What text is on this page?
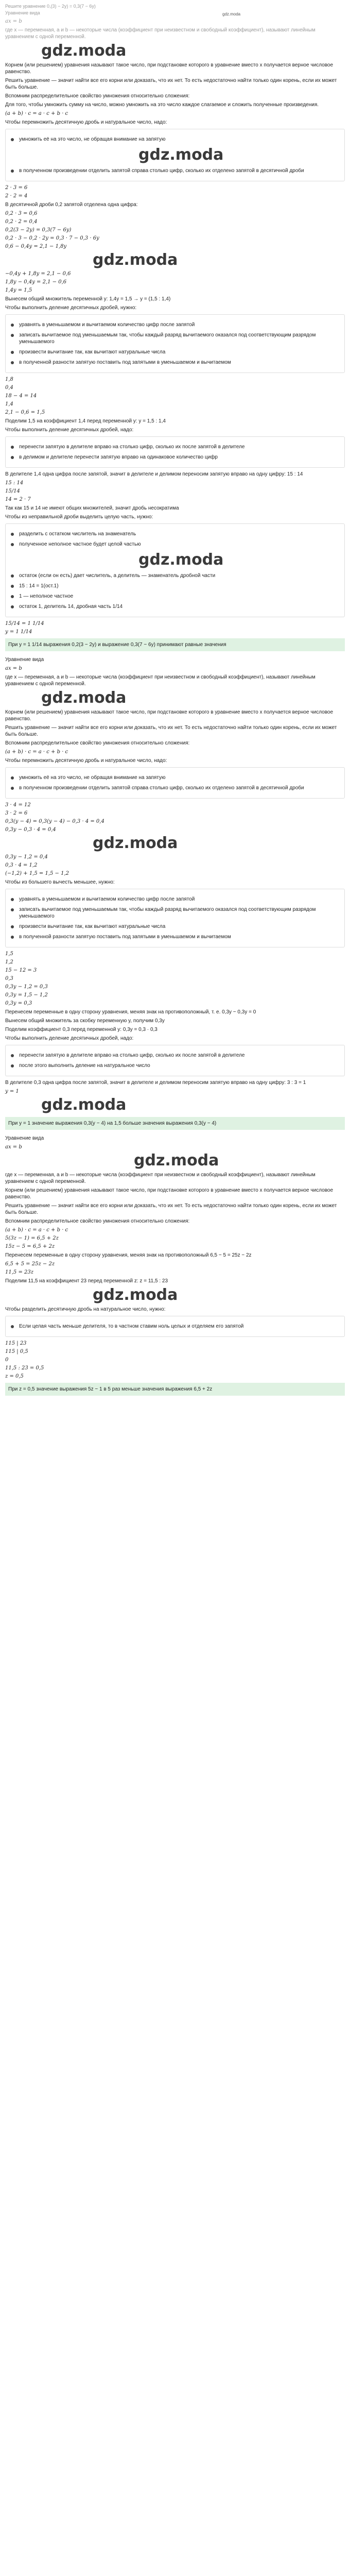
Решите уравнение 0,(3) − 2y) = 0,3(7 − 6y)
Уравнение вида
ax = b
gdz.moda

где x — переменная, a и b — некоторые числа (коэффициент при неизвестном и свободный коэффициент), называют линейным уравнением с одной переменной.

gdz.moda

Корнем (или решением) уравнения называют такое число, при подстановке которого в уравнение вместо x получается верное числовое равенство.

Решить уравнение — значит найти все его корни или доказать, что их нет. То есть недостаточно найти только один корень, если их может быть больше.

Вспомним распределительное свойство умножения относительно сложения:

Для того, чтобы умножить сумму на число, можно умножить на это число каждое слагаемое и сложить полученные произведения.

(a + b) · c = a · c + b · c

Чтобы перемножить десятичную дробь и натуральное число, надо:

умножить её на это число, не обращая внимание на запятую
gdz.moda
в полученном произведении отделить запятой справа столько цифр, сколько их отделено запятой в десятичной дроби
2 · 3 = 6
2 · 2 = 4

В десятичной дроби 0,2 запятой отделена одна цифра:

0,2 · 3 = 0,6
0,2 · 2 = 0,4
0,2(3 − 2y) = 0,3(7 − 6y)
0,2 · 3 − 0,2 · 2y = 0,3 · 7 − 0,3 · 6y
0,6 − 0,4y = 2,1 − 1,8y
gdz.moda
−0,4y + 1,8y = 2,1 − 0,6
1,8y − 0,4y = 2,1 − 0,6
1,4y = 1,5

Вынесем общий множитель переменной y: 1,4y = 1,5 → y = (1,5 : 1,4)

Чтобы выполнить деление десятичных дробей, нужно:

уравнять в уменьшаемом и вычитаемом количество цифр после запятой
записать вычитаемое под уменьшаемым так, чтобы каждый разряд вычитаемого оказался под соответствующим разрядом уменьшаемого
произвести вычитание так, как вычитают натуральные числа
в полученной разности запятую поставить под запятыми в уменьшаемом и вычитаемом
1,8
0,4
18 − 4 = 14
1,4
2,1 − 0,6 = 1,5

Поделим 1,5 на коэффициент 1,4 перед переменной y: y = 1,5 : 1,4

Чтобы выполнить деление десятичных дробей, надо:

перенести запятую в делителе вправо на столько цифр, сколько их после запятой в делителе
в делимом и делителе перенести запятую вправо на одинаковое количество цифр

В делителе 1,4 одна цифра после запятой, значит в делителе и делимом переносим запятую вправо на одну цифру: 15 : 14

15 : 14
15/14
14 = 2 · 7

Так как 15 и 14 не имеют общих множителей, значит дробь несократима

Чтобы из неправильной дроби выделить целую часть, нужно:

разделить с остатком числитель на знаменатель
полученное неполное частное будет целой частью
gdz.moda
остаток (если он есть) дает числитель, а делитель — знаменатель дробной части
15 : 14 = 1(ост.1)
1 — неполное частное
остаток 1, делитель 14, дробная часть 1/14
15/14 = 1 1/14
y = 1 1/14
При y = 1 1/14 выражения 0,2(3 − 2y) и выражение 0,3(7 − 6y) принимают равные значения

Уравнение вида

ax = b

где x — переменная, a и b — некоторые числа (коэффициент при неизвестном и свободный коэффициент), называют линейным уравнением с одной переменной.

gdz.moda

Корнем (или решением) уравнения называют такое число, при подстановке которого в уравнение вместо x получается верное числовое равенство.

Решить уравнение — значит найти все его корни или доказать, что их нет. То есть недостаточно найти только один корень, если их может быть больше.

Вспомним распределительное свойство умножения относительно сложения:

(a + b) · c = a · c + b · c

Чтобы перемножить десятичную дробь и натуральное число, надо:

умножить её на это число, не обращая внимание на запятую
в полученном произведении отделить запятой справа столько цифр, сколько их отделено запятой в десятичной дроби
3 · 4 = 12
3 · 2 = 6
0,3(y − 4) = 0,3(y − 4) − 0,3 · 4 = 0,4
0,3y − 0,3 · 4 = 0,4
gdz.moda
0,3y − 1,2 = 0,4
0,3 · 4 = 1,2
(−1,2) + 1,5 = 1,5 − 1,2

Чтобы из большего вычесть меньшее, нужно:

уравнять в уменьшаемом и вычитаемом количество цифр после запятой
записать вычитаемое под уменьшаемым так, чтобы каждый разряд вычитаемого оказался под соответствующим разрядом уменьшаемого
произвести вычитание так, как вычитают натуральные числа
в полученной разности запятую поставить под запятыми в уменьшаемом и вычитаемом
1,5
1,2
15 − 12 = 3
0,3
0,3y − 1,2 = 0,3
0,3y = 1,5 − 1,2
0,3y = 0,3

Перенесем переменные в одну сторону уравнения, меняя знак на противоположный, т. е. 0,3y − 0,3y = 0

Вынесем общий множитель за скобку переменную y, получим 0,3y

Поделим коэффициент 0,3 перед переменной y: 0,3y = 0,3 · 0,3

Чтобы выполнить деление десятичных дробей, надо:

перенести запятую в делителе вправо на столько цифр, сколько их после запятой в делителе
после этого выполнить деление на натуральное число

В делителе 0,3 одна цифра после запятой, значит в делителе и делимом переносим запятую вправо на одну цифру: 3 : 3 = 1

y = 1
gdz.moda
При y = 1 значение выражения 0,3(y − 4) на 1,5 больше значения выражения 0,3(y − 4)

Уравнение вида

ax = b
gdz.moda

где x — переменная, a и b — некоторые числа (коэффициент при неизвестном и свободный коэффициент), называют линейным уравнением с одной переменной.

Корнем (или решением) уравнения называют такое число, при подстановке которого в уравнение вместо x получается верное числовое равенство.

Решить уравнение — значит найти все его корни или доказать, что их нет. То есть недостаточно найти только один корень, если их может быть больше.

Вспомним распределительное свойство умножения относительно сложения:

(a + b) · c = a · c + b · c
5(3z − 1) = 6,5 + 2z
15z − 5 = 6,5 + 2z

Перенесем переменные в одну сторону уравнения, меняя знак на противоположный 6,5 − 5 = 25z − 2z

6,5 + 5 = 25z − 2z
11,5 = 23z

Поделим 11,5 на коэффициент 23 перед переменной z: z = 11,5 : 23

gdz.moda

Чтобы разделить десятичную дробь на натуральное число, нужно:

Если целая часть меньше делителя, то в частном ставим ноль целых и отделяем его запятой
115 | 23
115 | 0,5
0
11,5 : 23 = 0,5
z = 0,5
При z = 0,5 значение выражения 5z − 1 в 5 раз меньше значения выражения 6,5 + 2z
